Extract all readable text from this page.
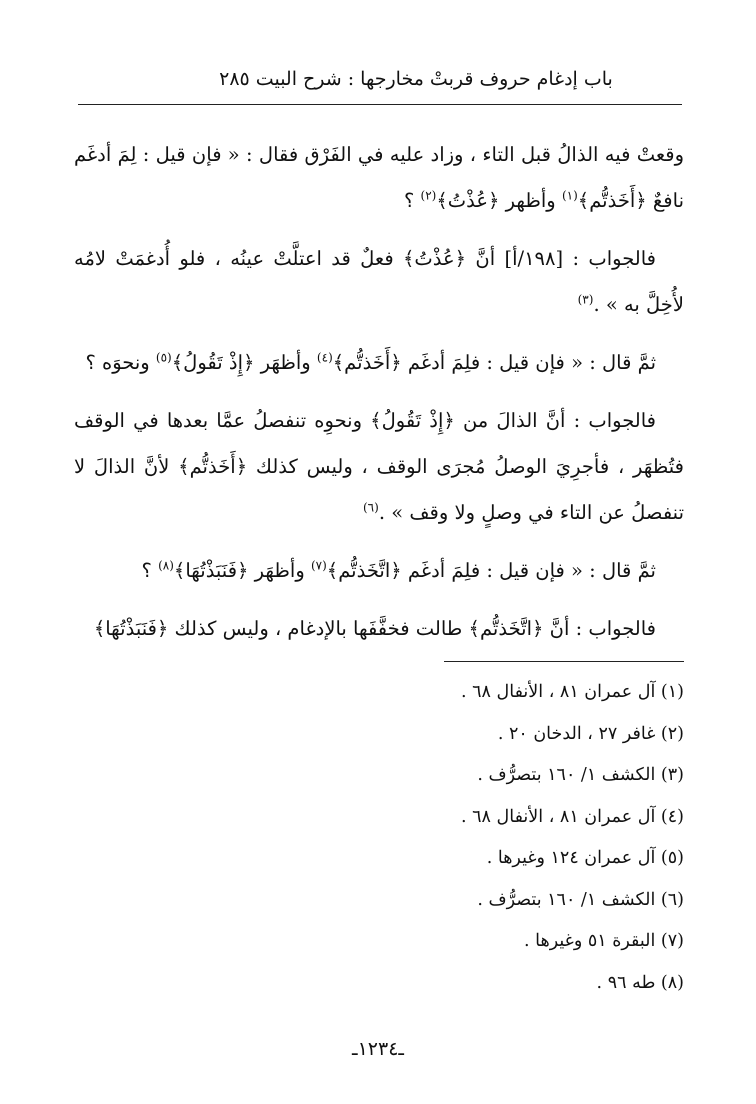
باب إدغام حروف قربتْ مخارجها : شرح البيت ٢٨٥

وقعتْ فيه الذالُ قبل التاء ، وزاد عليه في الفَرْق فقال : « فإن قيل : لِمَ أدغَم نافعٌ ﴿أَخَذتُّم﴾$^{(١)}$ وأظهر ﴿عُذْتُ﴾$^{(٢)}$ ؟

فالجواب : [١٩٨/أ] أنَّ ﴿عُذْتُ﴾ فعلٌ قد اعتلَّتْ عينُه ، فلو أُدغمَتْ لامُه لأُخِلَّ به » .$^{(٣)}$

ثمَّ قال : « فإن قيل : فلِمَ أدغَم ﴿أَخَذتُّم﴾$^{(٤)}$ وأظهَر ﴿إِذْ تَقُولُ﴾$^{(٥)}$ ونحوَه ؟

فالجواب : أنَّ الذالَ من ﴿إِذْ تَقُولُ﴾ ونحوِه تنفصلُ عمَّا بعدها في الوقف فتُظهَر ، فأجرِيَ الوصلُ مُجرَى الوقف ، وليس كذلك ﴿أَخَذتُّم﴾ لأنَّ الذالَ لا تنفصلُ عن التاء في وصلٍ ولا وقف » .$^{(٦)}$

ثمَّ قال : « فإن قيل : فلِمَ أدغَم ﴿اتَّخَذتُّم﴾$^{(٧)}$ وأظهَر ﴿فَنَبَذْتُهَا﴾$^{(٨)}$ ؟

فالجواب : أنَّ ﴿اتَّخَذتُّم﴾ طالت فخفَّفَها بالإدغام ، وليس كذلك ﴿فَنَبَذْتُهَا﴾

(١) آل عمران ٨١ ، الأنفال ٦٨ .
(٢) غافر ٢٧ ، الدخان ٢٠ .
(٣) الكشف ١/ ١٦٠ بتصرُّف .
(٤) آل عمران ٨١ ، الأنفال ٦٨ .
(٥) آل عمران ١٢٤ وغيرها .
(٦) الكشف ١/ ١٦٠ بتصرُّف .
(٧) البقرة ٥١ وغيرها .
(٨) طه ٩٦ .
ـ١٢٣٤ـ
